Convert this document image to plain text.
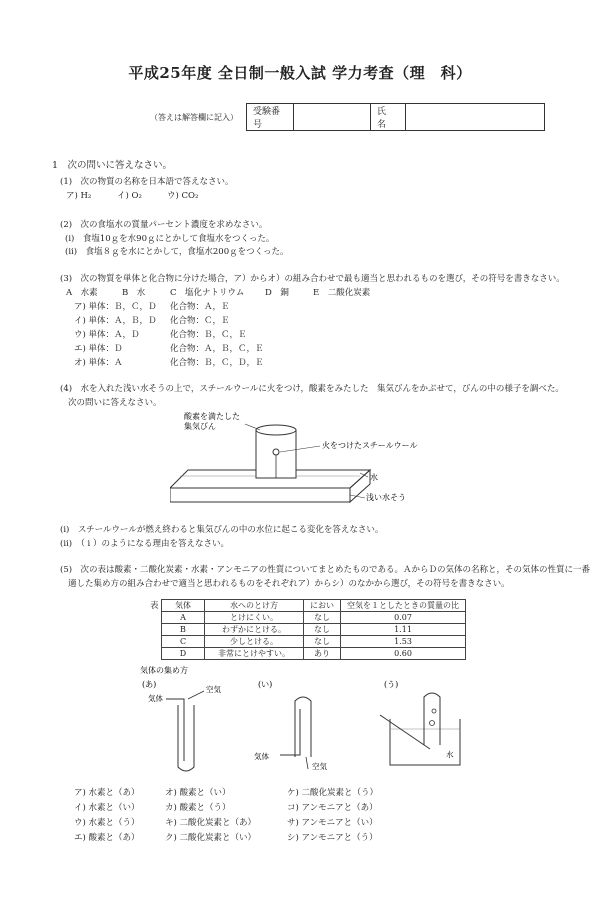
平成25年度 全日制一般入試 学力考査（理　科）
（答えは解答欄に記入）
受験番号		氏　名	
1　次の問いに答えなさい。
(1)　次の物質の名称を日本語で答えなさい。
ア) H₂	イ) O₂	ウ) CO₂
(2)　次の食塩水の質量パーセント濃度を求めなさい。
(i)　食塩10ｇを水90ｇにとかして食塩水をつくった。
(ii)　食塩８ｇを水にとかして，食塩水200ｇをつくった。
(3)　次の物質を単体と化合物に分けた場合，ア）からオ）の組み合わせで最も適当と思われるものを選び，その符号を書きなさい。
A　水素	B　水	C　塩化ナトリウム D　銅	E　二酸化炭素
ア) 単体：Ｂ，Ｃ，Ｄ 化合物：Ａ，Ｅ
イ) 単体：Ａ，Ｂ，Ｄ 化合物：Ｃ，Ｅ
ウ) 単体：Ａ，Ｄ	化合物：Ｂ，Ｃ，Ｅ
エ) 単体：Ｄ	化合物：Ａ，Ｂ，Ｃ，Ｅ
オ) 単体：Ａ	化合物：Ｂ，Ｃ，Ｄ，Ｅ
(4)　水を入れた浅い水そうの上で，スチールウールに火をつけ，酸素をみたした　集気びんをかぶせて，びんの中の様子を調べた。
次の問いに答えなさい。
酸素を満たした
集気びん
火をつけたスチールウール
水
浅い水そう
(i)　スチールウールが燃え終わると集気びんの中の水位に起こる変化を答えなさい。
(ii)　（ i ）のようになる理由を答えなさい。
(5)　次の表は酸素・二酸化炭素・水素・アンモニアの性質についてまとめたものである。ＡからＤの気体の名称と，その気体の性質に一番
適した集め方の組み合わせで適当と思われるものをそれぞれア）からシ）のなかから選び，その符号を書きなさい。
表 気体	水へのとけ方	におい	空気を１としたときの質量の比
A	とけにくい。	なし	0.07
B	わずかにとける。	なし	1.11
C	少しとける。	なし	1.53
D	非常にとけやすい。	あり	0.60
気体の集め方
(あ)
気体
空気
(い)
気体
空気
(う)
水
ア) 水素と（あ）	オ) 酸素と（い）	ケ) 二酸化炭素と（う）
イ) 水素と（い）	カ) 酸素と（う）	コ) アンモニアと（あ）
ウ) 水素と（う）	キ) 二酸化炭素と（あ）	サ) アンモニアと（い）
エ) 酸素と（あ）	ク) 二酸化炭素と（い）	シ) アンモニアと（う）
